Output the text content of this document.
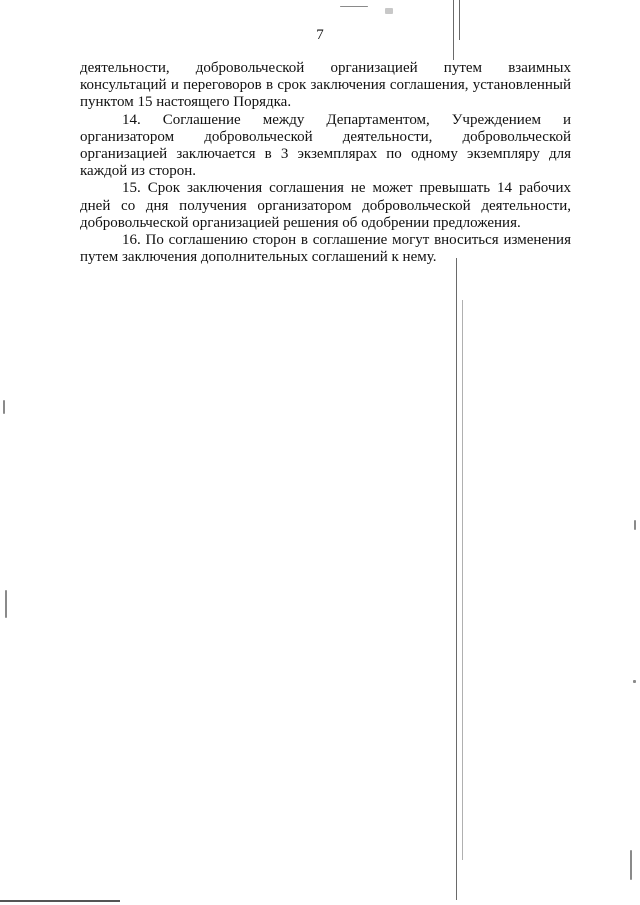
7

деятельности, добровольческой организацией путем взаимных консультаций и переговоров в срок заключения соглашения, установленный пунктом 15 настоящего Порядка.

14. Соглашение между Департаментом, Учреждением и организатором добровольческой деятельности, добровольческой организацией заключается в 3 экземплярах по одному экземпляру для каждой из сторон.

15. Срок заключения соглашения не может превышать 14 рабочих дней со дня получения организатором добровольческой деятельности, добровольческой организацией решения об одобрении предложения.

16. По соглашению сторон в соглашение могут вноситься изменения путем заключения дополнительных соглашений к нему.
